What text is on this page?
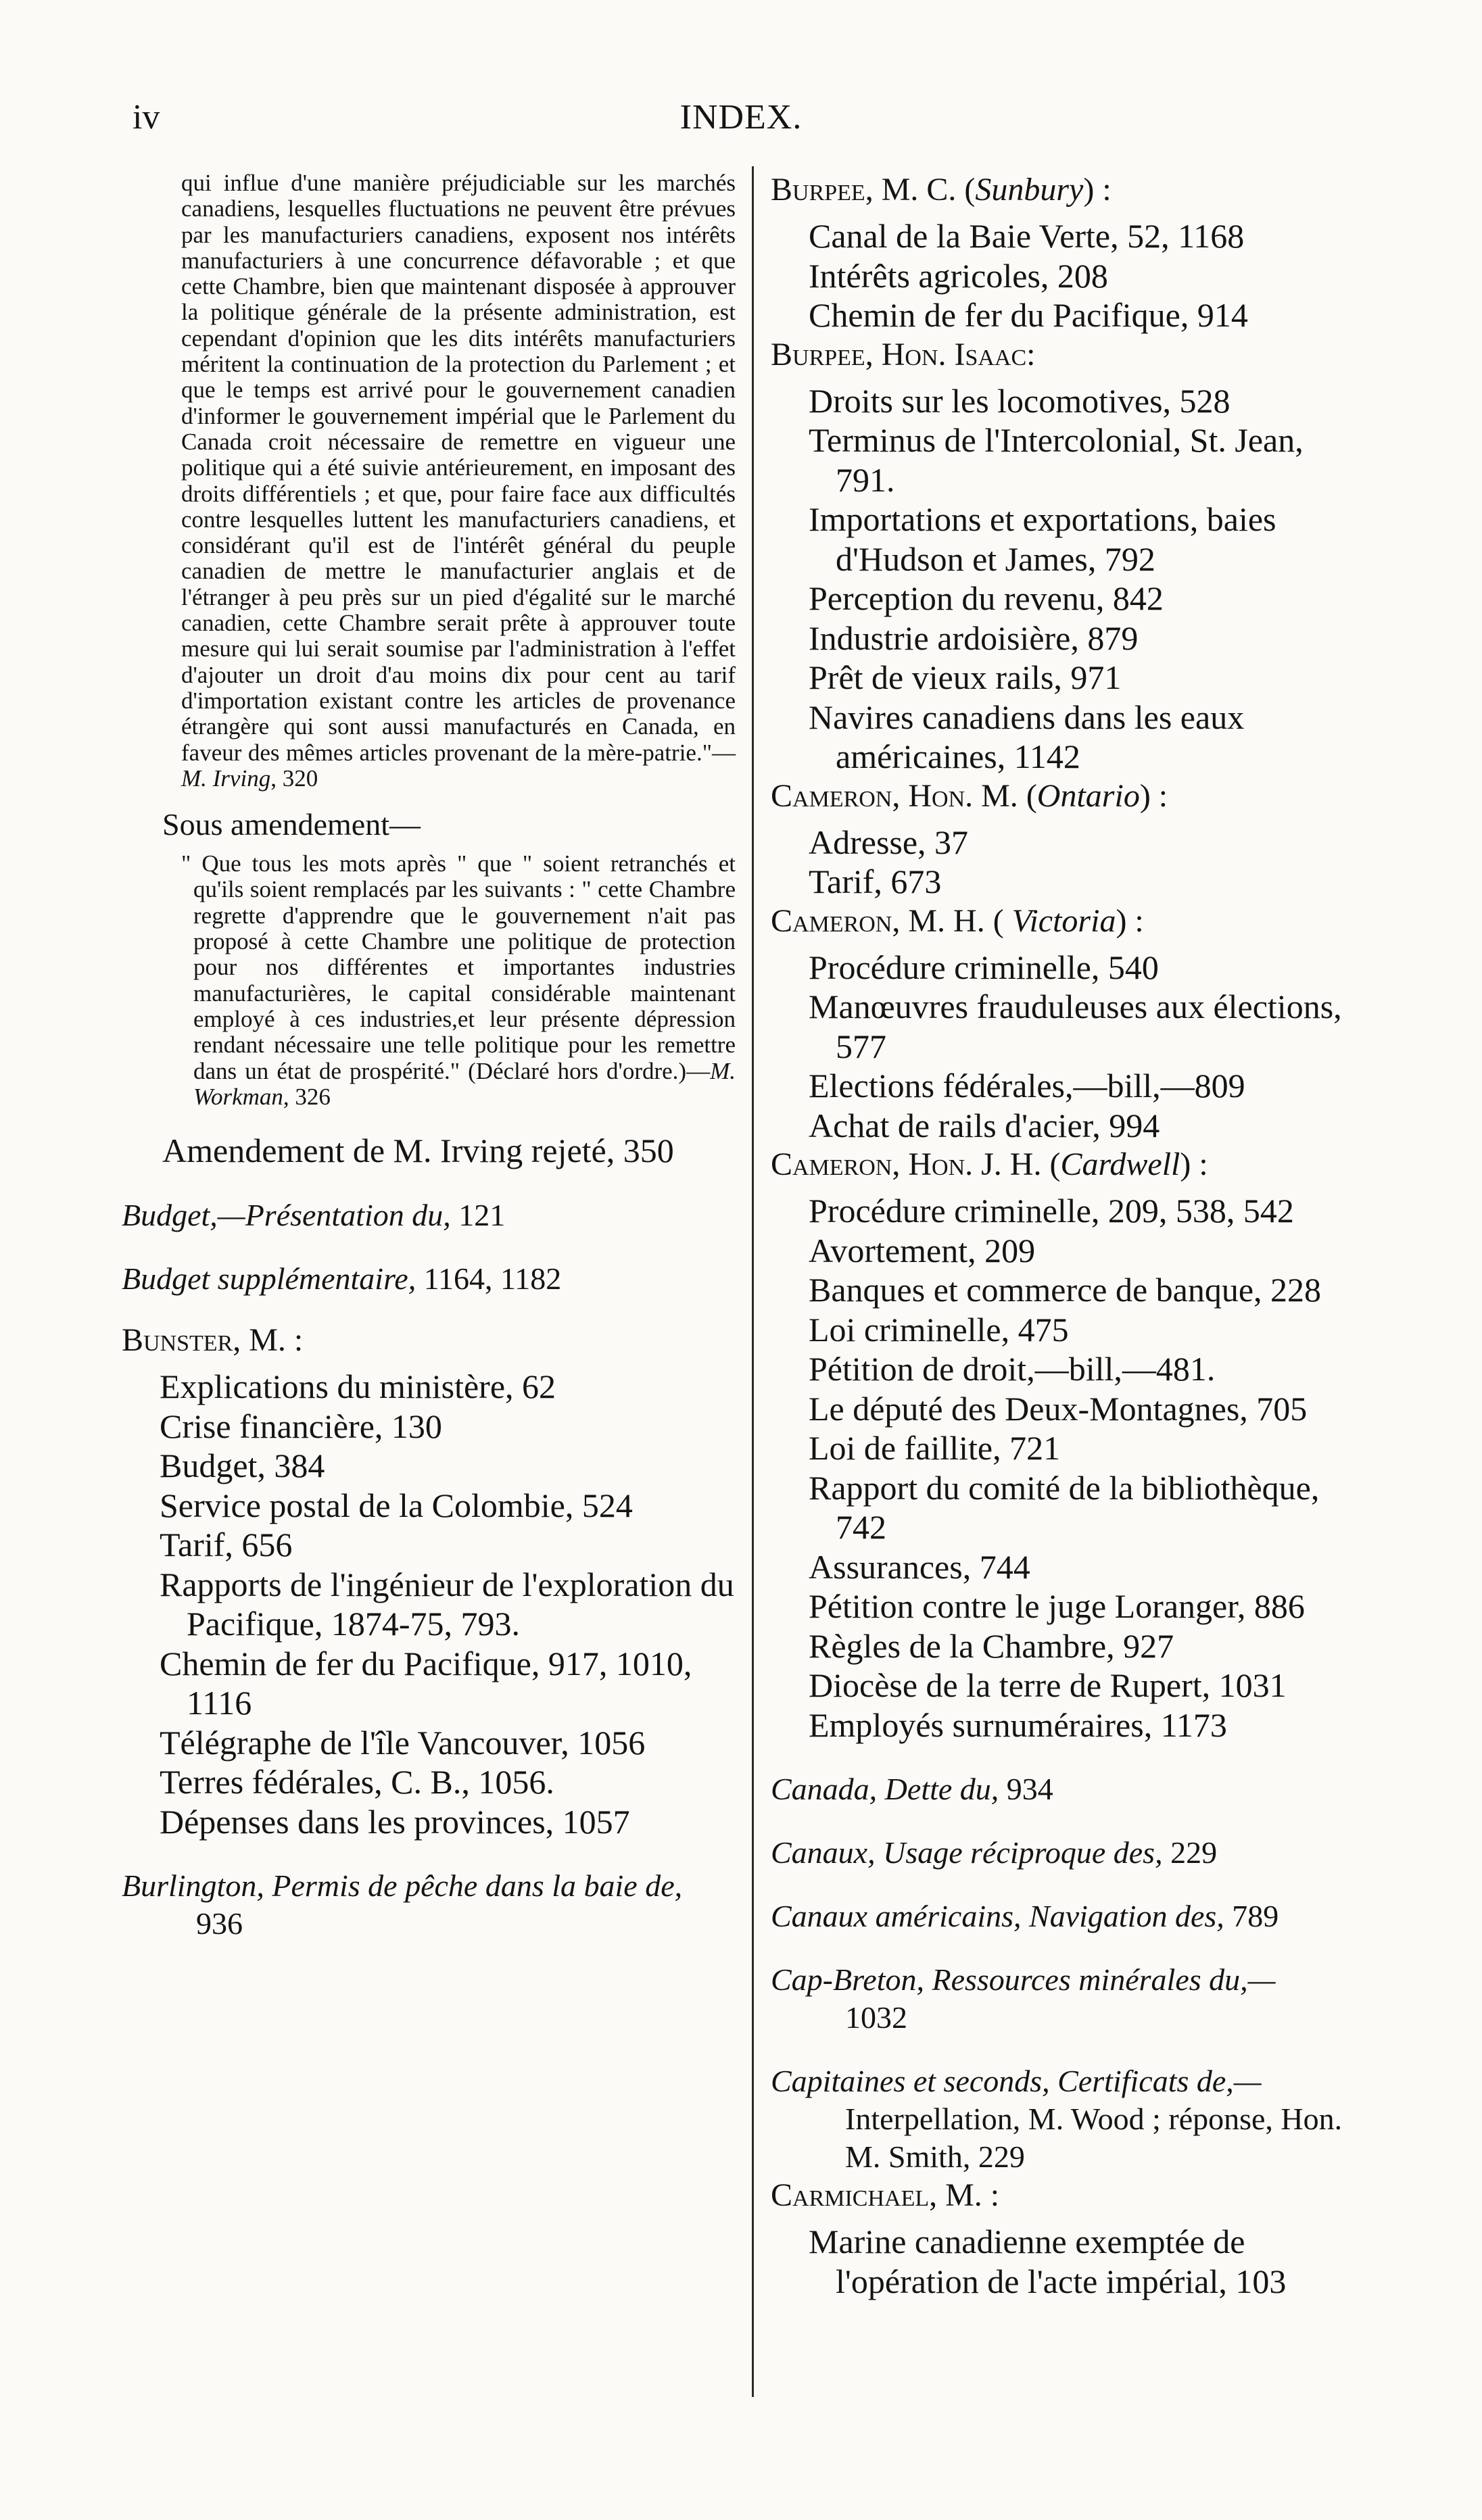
iv	INDEX.

qui influe d'une manière préjudiciable sur les marchés canadiens, lesquelles fluctuations ne peuvent être prévues par les manufacturiers canadiens, exposent nos intérêts manufacturiers à une concurrence défavorable ; et que cette Chambre, bien que maintenant disposée à approuver la politique générale de la présente administration, est cependant d'opinion que les dits intérêts manufacturiers méritent la continuation de la protection du Parlement ; et que le temps est arrivé pour le gouvernement canadien d'informer le gouvernement impérial que le Parlement du Canada croit nécessaire de remettre en vigueur une politique qui a été suivie antérieurement, en imposant des droits différentiels ; et que, pour faire face aux difficultés contre lesquelles luttent les manufacturiers canadiens, et considérant qu'il est de l'intérêt général du peuple canadien de mettre le manufacturier anglais et de l'étranger à peu près sur un pied d'égalité sur le marché canadien, cette Chambre serait prête à approuver toute mesure qui lui serait soumise par l'administration à l'effet d'ajouter un droit d'au moins dix pour cent au tarif d'importation existant contre les articles de provenance étrangère qui sont aussi manufacturés en Canada, en faveur des mêmes articles provenant de la mère-patrie."—M. Irving, 320

Sous amendement—

" Que tous les mots après " que " soient retranchés et qu'ils soient remplacés par les suivants : " cette Chambre regrette d'apprendre que le gouvernement n'ait pas proposé à cette Chambre une politique de protection pour nos différentes et importantes industries manufacturières, le capital considérable maintenant employé à ces industries,et leur présente dépression rendant nécessaire une telle politique pour les remettre dans un état de prospérité." (Déclaré hors d'ordre.)—M. Workman, 326

Amendement de M. Irving rejeté, 350

Budget,—Présentation du, 121

Budget supplémentaire, 1164, 1182

Bunster, M. :

Explications du ministère, 62

Crise financière, 130

Budget, 384

Service postal de la Colombie, 524

Tarif, 656

Rapports de l'ingénieur de l'exploration du Pacifique, 1874-75, 793.

Chemin de fer du Pacifique, 917, 1010, 1116

Télégraphe de l'île Vancouver, 1056

Terres fédérales, C. B., 1056.

Dépenses dans les provinces, 1057

Burlington, Permis de pêche dans la baie de, 936

Burpee, M. C. (Sunbury) :

Canal de la Baie Verte, 52, 1168

Intérêts agricoles, 208

Chemin de fer du Pacifique, 914

Burpee, Hon. Isaac:

Droits sur les locomotives, 528

Terminus de l'Intercolonial, St. Jean, 791.

Importations et exportations, baies d'Hudson et James, 792

Perception du revenu, 842

Industrie ardoisière, 879

Prêt de vieux rails, 971

Navires canadiens dans les eaux américaines, 1142

Cameron, Hon. M. (Ontario) :

Adresse, 37

Tarif, 673

Cameron, M. H. ( Victoria) :

Procédure criminelle, 540

Manœuvres frauduleuses aux élections, 577

Elections fédérales,—bill,—809

Achat de rails d'acier, 994

Cameron, Hon. J. H. (Cardwell) :

Procédure criminelle, 209, 538, 542

Avortement, 209

Banques et commerce de banque, 228

Loi criminelle, 475

Pétition de droit,—bill,—481.

Le député des Deux-Montagnes, 705

Loi de faillite, 721

Rapport du comité de la bibliothèque, 742

Assurances, 744

Pétition contre le juge Loranger, 886

Règles de la Chambre, 927

Diocèse de la terre de Rupert, 1031

Employés surnuméraires, 1173

Canada, Dette du, 934

Canaux, Usage réciproque des, 229

Canaux américains, Navigation des, 789

Cap-Breton, Ressources minérales du,—
1032

Capitaines et seconds, Certificats de,— Interpellation, M. Wood ; réponse, Hon. M. Smith, 229

Carmichael, M. :

Marine canadienne exemptée de l'opération de l'acte impérial, 103
